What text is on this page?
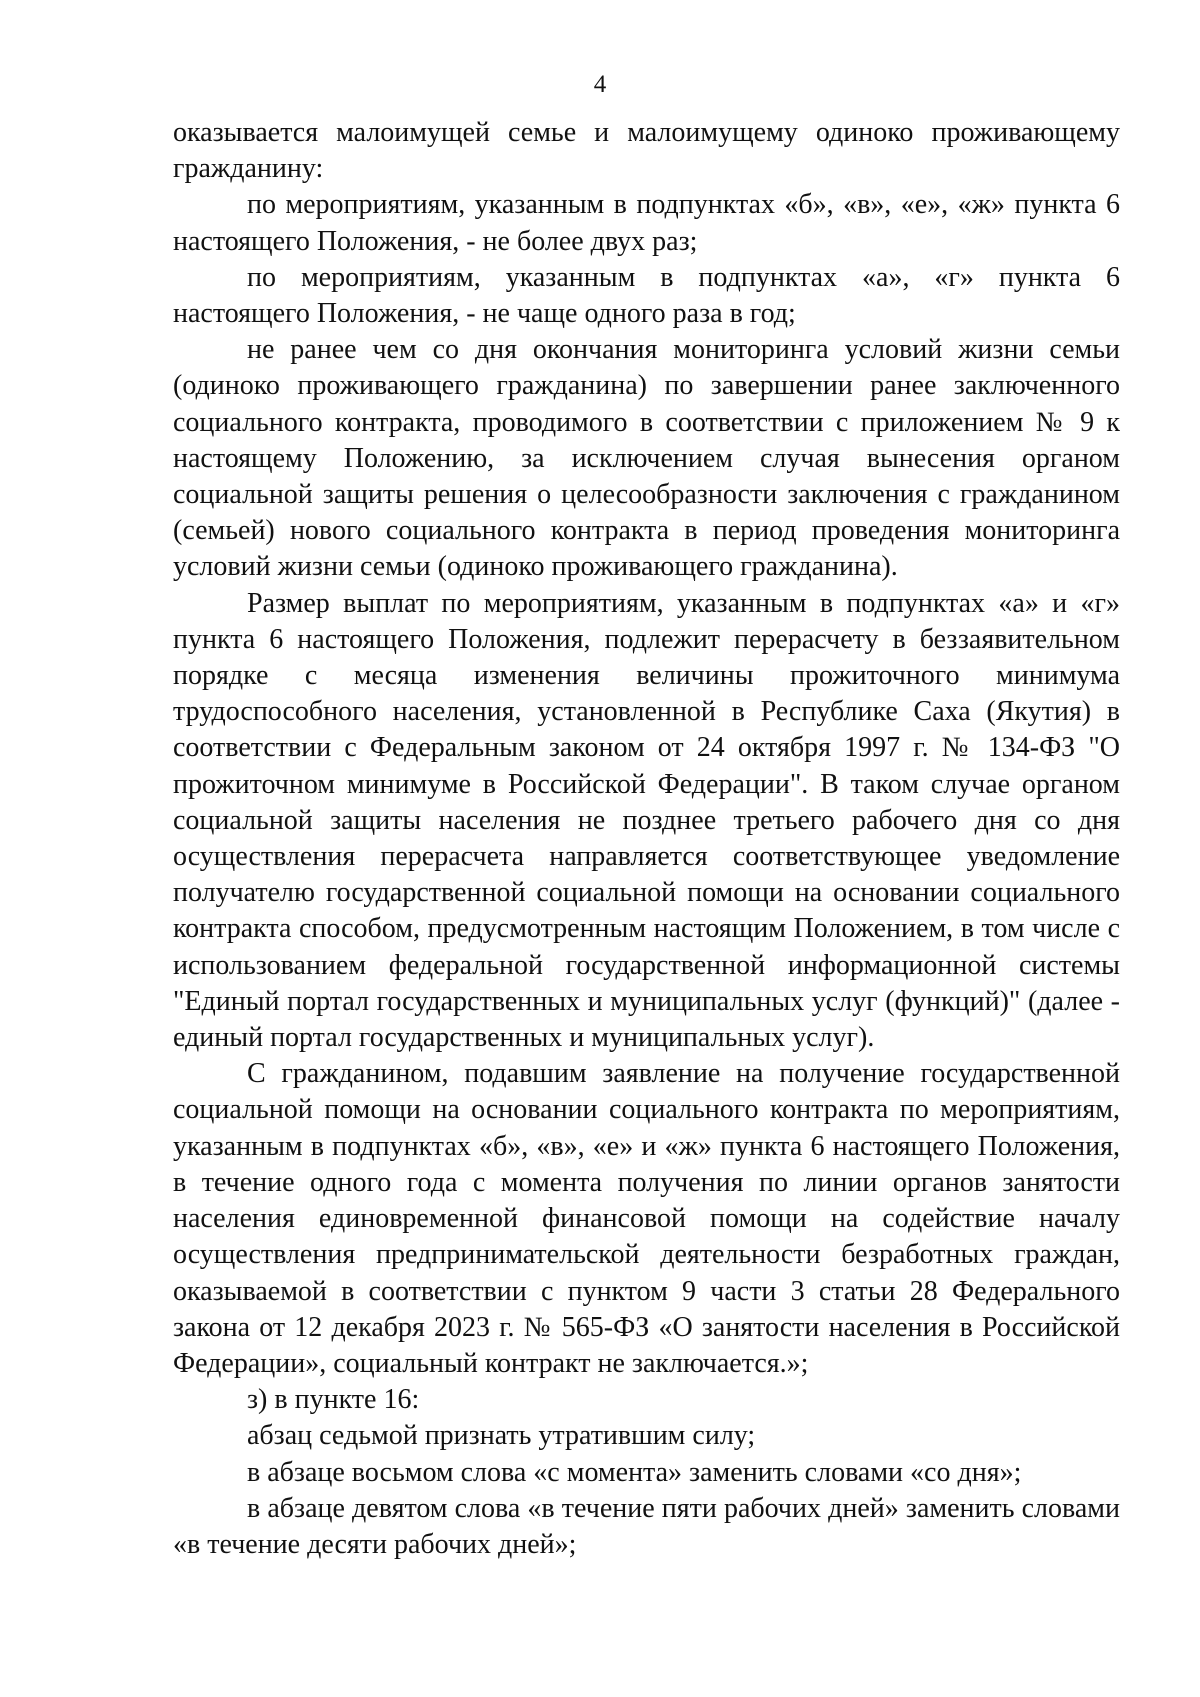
4

оказывается малоимущей семье и малоимущему одиноко проживающему гражданину:

по мероприятиям, указанным в подпунктах «б», «в», «е», «ж» пункта 6 настоящего Положения, - не более двух раз;

по мероприятиям, указанным в подпунктах «а», «г» пункта 6 настоящего Положения, - не чаще одного раза в год;

не ранее чем со дня окончания мониторинга условий жизни семьи (одиноко проживающего гражданина) по завершении ранее заключенного социального контракта, проводимого в соответствии с приложением № 9 к настоящему Положению, за исключением случая вынесения органом социальной защиты решения о целесообразности заключения с гражданином (семьей) нового социального контракта в период проведения мониторинга условий жизни семьи (одиноко проживающего гражданина).

Размер выплат по мероприятиям, указанным в подпунктах «а» и «г» пункта 6 настоящего Положения, подлежит перерасчету в беззаявительном порядке с месяца изменения величины прожиточного минимума трудоспособного населения, установленной в Республике Саха (Якутия) в соответствии с Федеральным законом от 24 октября 1997 г. № 134-ФЗ "О прожиточном минимуме в Российской Федерации". В таком случае органом социальной защиты населения не позднее третьего рабочего дня со дня осуществления перерасчета направляется соответствующее уведомление получателю государственной социальной помощи на основании социального контракта способом, предусмотренным настоящим Положением, в том числе с использованием федеральной государственной информационной системы "Единый портал государственных и муниципальных услуг (функций)" (далее - единый портал государственных и муниципальных услуг).

С гражданином, подавшим заявление на получение государственной социальной помощи на основании социального контракта по мероприятиям, указанным в подпунктах «б», «в», «е» и «ж» пункта 6 настоящего Положения, в течение одного года с момента получения по линии органов занятости населения единовременной финансовой помощи на содействие началу осуществления предпринимательской деятельности безработных граждан, оказываемой в соответствии с пунктом 9 части 3 статьи 28 Федерального закона от 12 декабря 2023 г. № 565-ФЗ «О занятости населения в Российской Федерации», социальный контракт не заключается.»;

з) в пункте 16:

абзац седьмой признать утратившим силу;

в абзаце восьмом слова «с момента» заменить словами «со дня»;

в абзаце девятом слова «в течение пяти рабочих дней» заменить словами «в течение десяти рабочих дней»;
